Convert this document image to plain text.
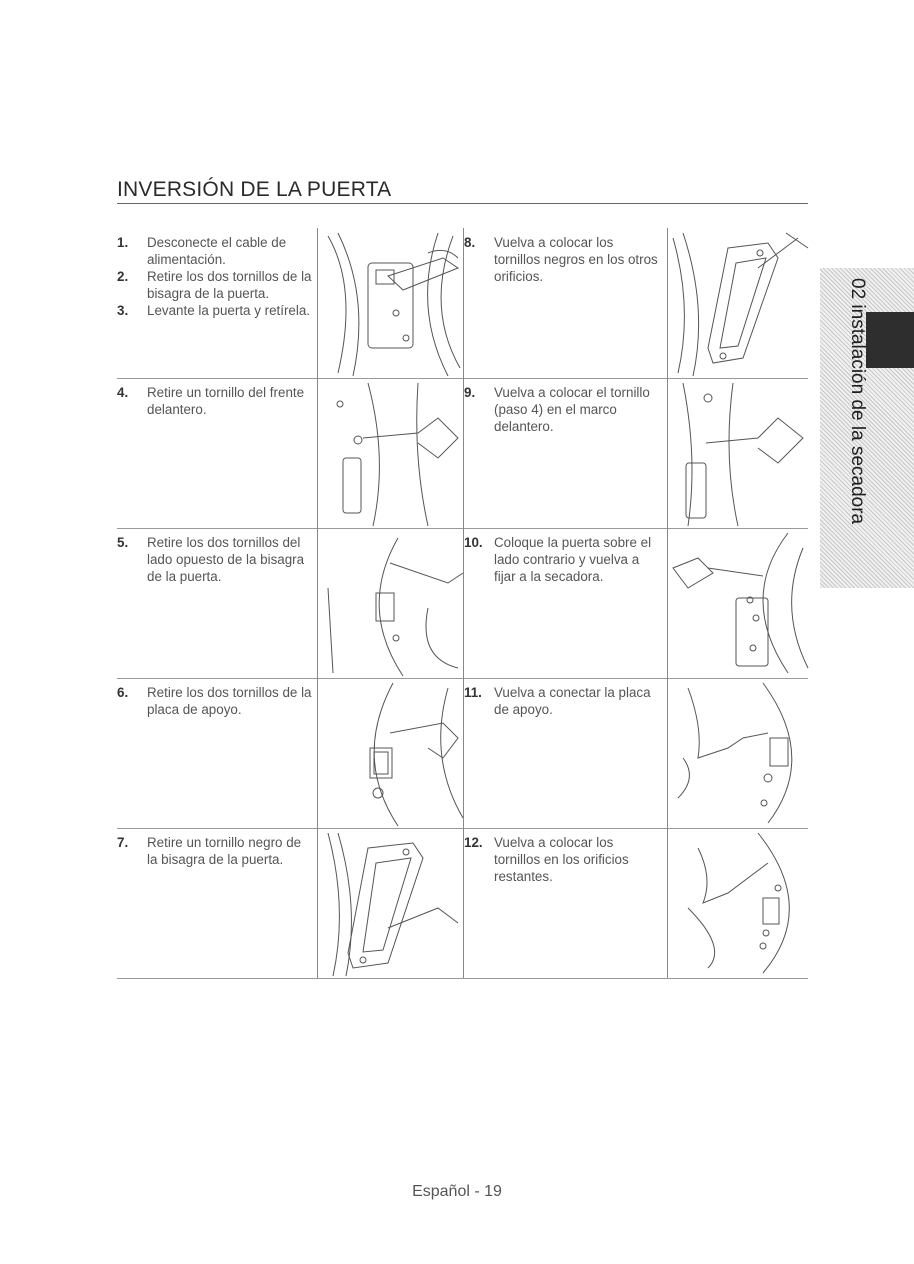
INVERSIÓN DE LA PUERTA
1.	Desconecte el cable de alimentación.
2.	Retire los dos tornillos de la bisagra de la puerta.
3.	Levante la puerta y retírela.
8.	Vuelva a colocar los tornillos negros en los otros orificios.
4.	Retire un tornillo del frente delantero.
9.	Vuelva a colocar el tornillo (paso 4) en el marco delantero.
5.	Retire los dos tornillos del lado opuesto de la bisagra de la puerta.
10. Coloque la puerta sobre el lado contrario y vuelva a fijar a la secadora.
6.	Retire los dos tornillos de la placa de apoyo.
11. Vuelva a conectar la placa de apoyo.
7.	Retire un tornillo negro de la bisagra de la puerta.
12. Vuelva a colocar los tornillos en los orificios restantes.
02 instalación de la secadora
Español - 19
